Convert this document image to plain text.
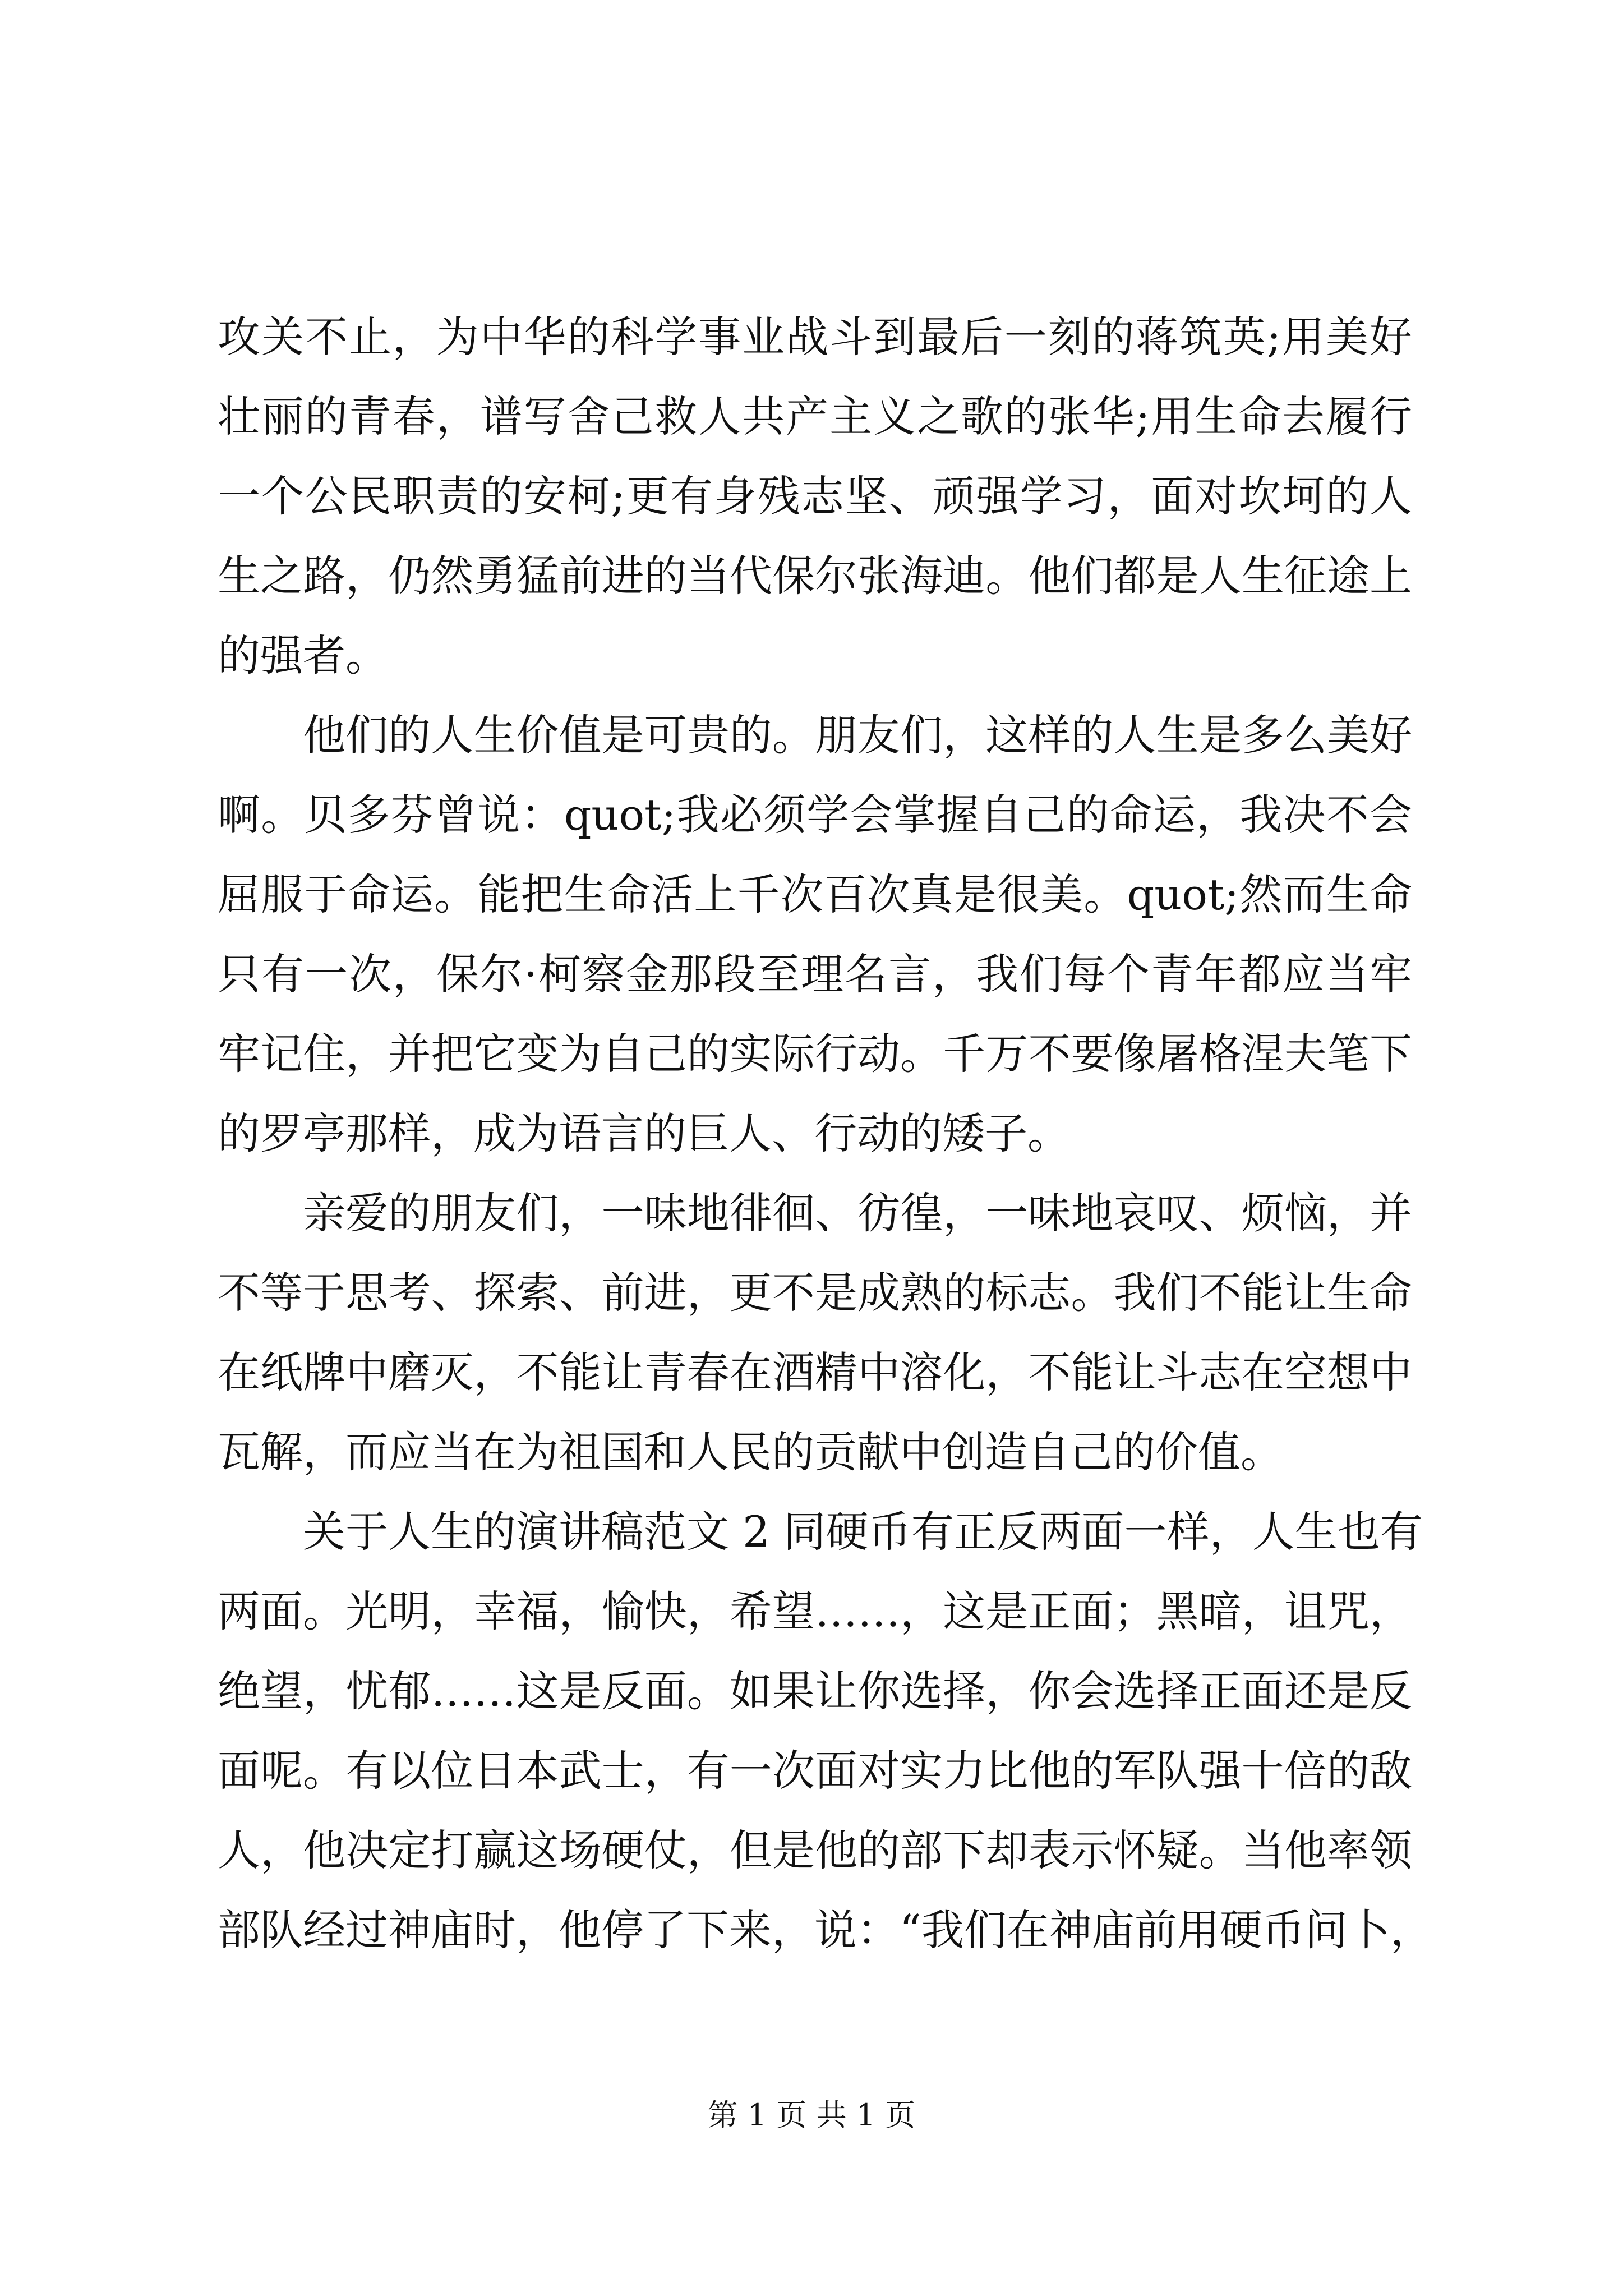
攻关不止，为中华的科学事业战斗到最后一刻的蒋筑英;用美好
壮丽的青春，谱写舍己救人共产主义之歌的张华;用生命去履行
一个公民职责的安柯;更有身残志坚、顽强学习，面对坎坷的人
生之路，仍然勇猛前进的当代保尔张海迪。他们都是人生征途上
的强者。
他们的人生价值是可贵的。朋友们，这样的人生是多么美好
啊。贝多芬曾说：quot;我必须学会掌握自己的命运，我决不会
屈服于命运。能把生命活上千次百次真是很美。quot;然而生命
只有一次，保尔·柯察金那段至理名言，我们每个青年都应当牢
牢记住，并把它变为自己的实际行动。千万不要像屠格涅夫笔下
的罗亭那样，成为语言的巨人、行动的矮子。
亲爱的朋友们，一味地徘徊、彷徨，一味地哀叹、烦恼，并
不等于思考、探索、前进，更不是成熟的标志。我们不能让生命
在纸牌中磨灭，不能让青春在酒精中溶化，不能让斗志在空想中
瓦解，而应当在为祖国和人民的贡献中创造自己的价值。
关于人生的演讲稿范文 2 同硬币有正反两面一样，人生也有
两面。光明，幸福，愉快，希望……，这是正面；黑暗，诅咒，
绝望，忧郁……这是反面。如果让你选择，你会选择正面还是反
面呢。有以位日本武士，有一次面对实力比他的军队强十倍的敌
人，他决定打赢这场硬仗，但是他的部下却表示怀疑。当他率领
部队经过神庙时，他停了下来，说：“我们在神庙前用硬币问卜，
第 1 页 共 1 页
